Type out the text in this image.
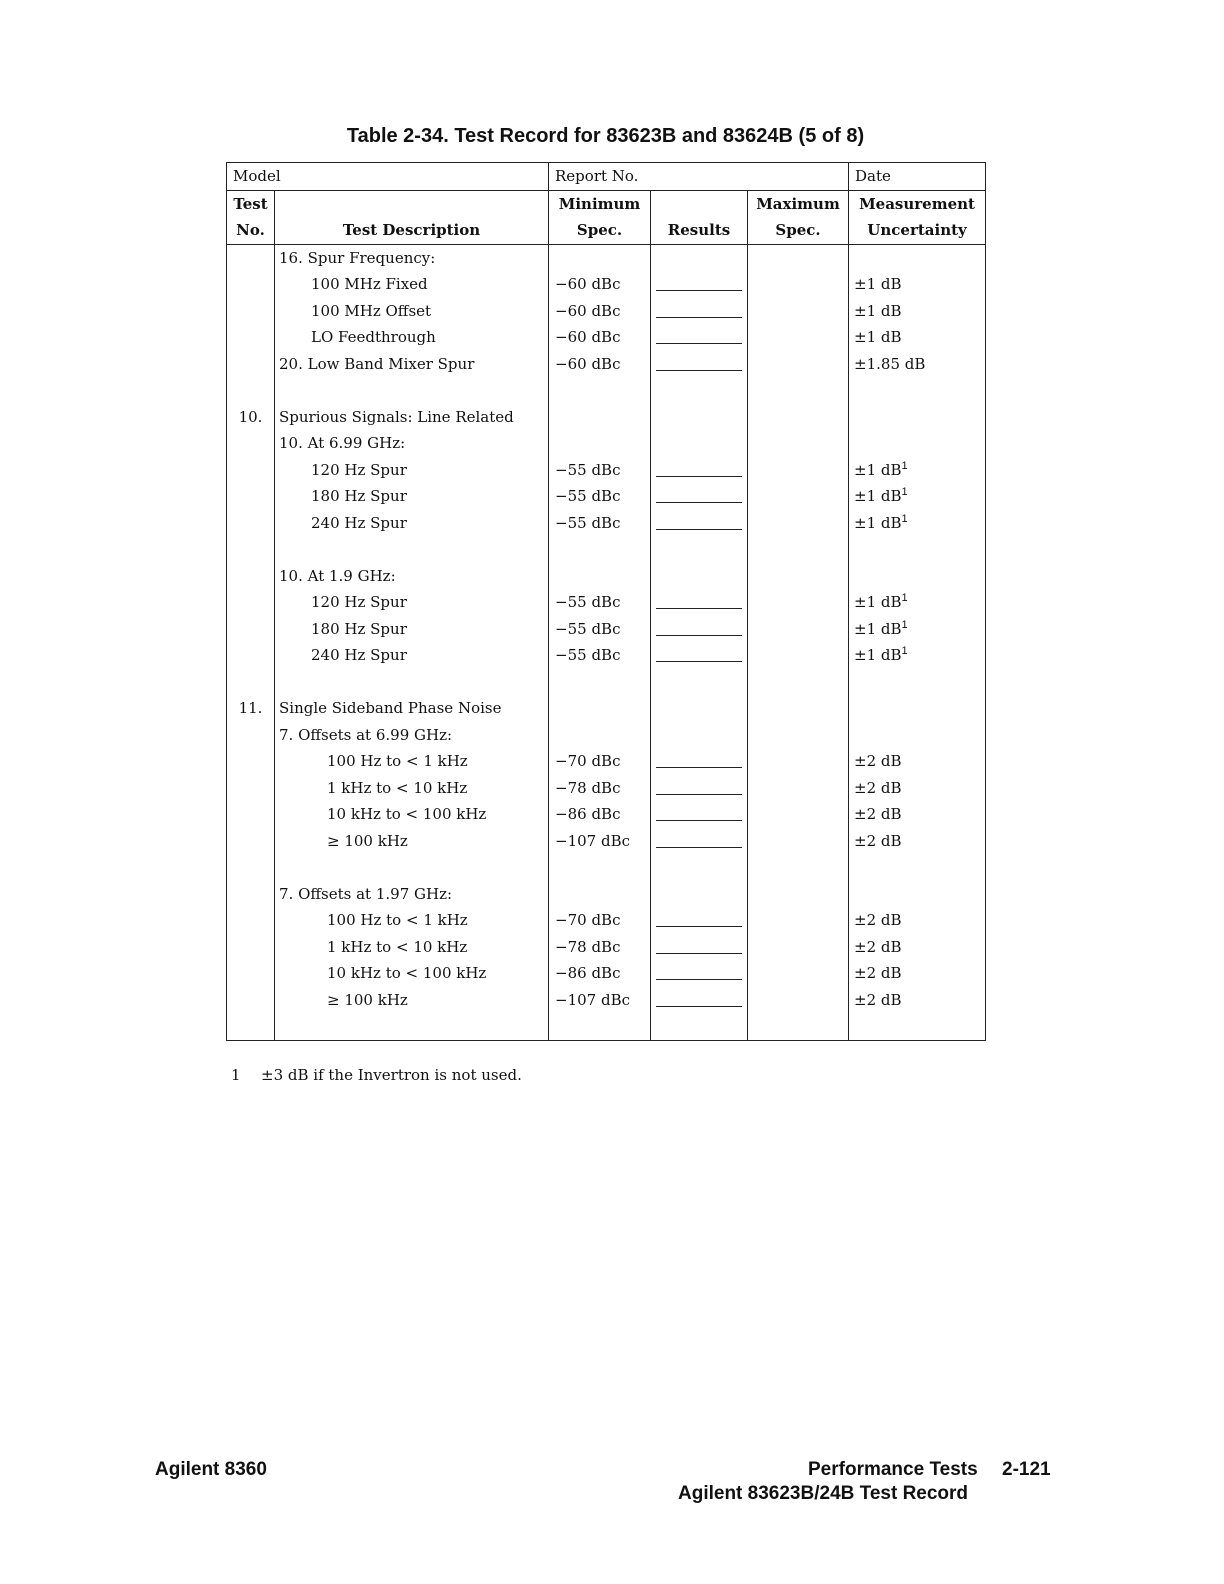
Table 2-34. Test Record for 83623B and 83624B (5 of 8)
Model		Report No.			Date
Test		Minimum		Maximum	Measurement
No.	Test Description	Spec.	Results	Spec.	Uncertainty
	16. Spur Frequency:				
	100 MHz Fixed	−60 dBc			±1 dB
	100 MHz Offset	−60 dBc			±1 dB
	LO Feedthrough	−60 dBc			±1 dB
	20. Low Band Mixer Spur	−60 dBc			±1.85 dB

10.	Spurious Signals: Line Related				
	10. At 6.99 GHz:				
	120 Hz Spur	−55 dBc			±1 $dB^1$
	180 Hz Spur	−55 dBc			±1 $dB^1$
	240 Hz Spur	−55 dBc			±1 $dB^1$

	10. At 1.9 GHz:				
	120 Hz Spur	−55 dBc			±1 $dB^1$
	180 Hz Spur	−55 dBc			±1 $dB^1$
	240 Hz Spur	−55 dBc			±1 $dB^1$

11.	Single Sideband Phase Noise				
	7. Offsets at 6.99 GHz:				
	100 Hz to < 1 kHz	−70 dBc			±2 dB
	1 kHz to < 10 kHz	−78 dBc			±2 dB
	10 kHz to < 100 kHz	−86 dBc			±2 dB
	≥ 100 kHz	−107 dBc			±2 dB

	7. Offsets at 1.97 GHz:				
	100 Hz to < 1 kHz	−70 dBc			±2 dB
	1 kHz to < 10 kHz	−78 dBc			±2 dB
	10 kHz to < 100 kHz	−86 dBc			±2 dB
	≥ 100 kHz	−107 dBc			±2 dB

1 ±3 dB if the Invertron is not used.
Agilent 8360	Performance Tests 2-121
Agilent 83623B/24B Test Record
